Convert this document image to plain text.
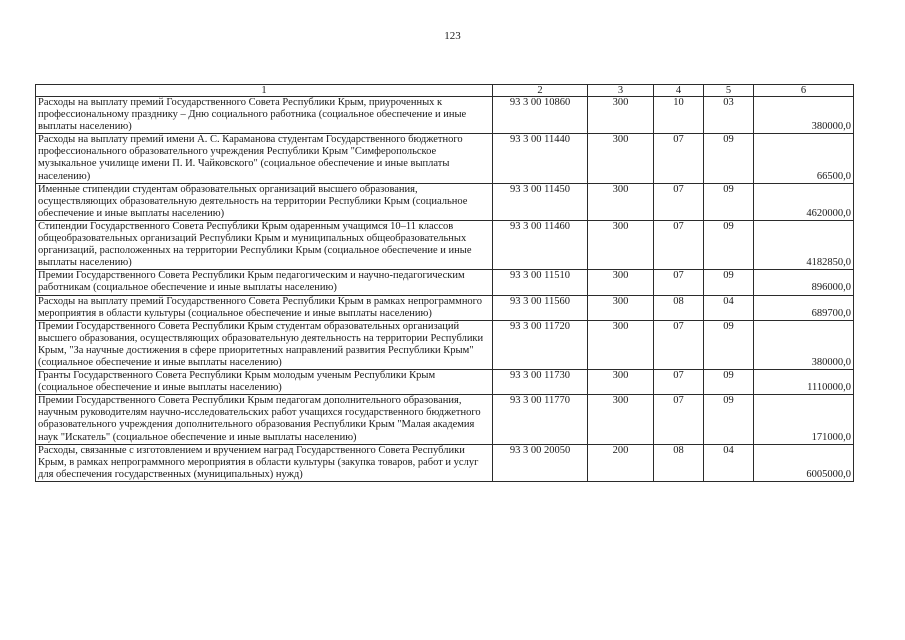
123
1	2	3	4	5	6
Расходы на выплату премий Государственного Совета Республики Крым, приуроченных к профессиональному празднику – Дню социального работника (социальное обеспечение и иные выплаты населению)	93 3 00 10860	300	10	03	380000,0
Расходы на выплату премий имени А. С. Карамaнова студентам Государственного бюджетного профессионального образовательного учреждения Республики Крым "Симферопольское музыкальное училище имени П. И. Чайковского" (социальное обеспечение и иные выплаты населению)	93 3 00 11440	300	07	09	66500,0
Именные стипендии студентам образовательных организаций высшего образования, осуществляющих образовательную деятельность на территории Республики Крым (социальное обеспечение и иные выплаты населению)	93 3 00 11450	300	07	09	4620000,0
Стипендии Государственного Совета Республики Крым одаренным учащимся 10–11 классов общеобразовательных организаций Республики Крым и муниципальных общеобразовательных организаций, расположенных на территории Республики Крым (социальное обеспечение и иные выплаты населению)	93 3 00 11460	300	07	09	4182850,0
Премии Государственного Совета Республики Крым педагогическим и научно-педагогическим работникам (социальное обеспечение и иные выплаты населению)	93 3 00 11510	300	07	09	896000,0
Расходы на выплату премий Государственного Совета Республики Крым в рамках непрограммного мероприятия в области культуры (социальное обеспечение и иные выплаты населению)	93 3 00 11560	300	08	04	689700,0
Премии Государственного Совета Республики Крым студентам образовательных организаций высшего образования, осуществляющих образовательную деятельность на территории Республики Крым, "За научные достижения в сфере приоритетных направлений развития Республики Крым" (социальное обеспечение и иные выплаты населению)	93 3 00 11720	300	07	09	380000,0
Гранты Государственного Совета Республики Крым молодым ученым Республики Крым (социальное обеспечение и иные выплаты населению)	93 3 00 11730	300	07	09	1110000,0
Премии Государственного Совета Республики Крым педагогам дополнительного образования, научным руководителям научно-исследовательских работ учащихся государственного бюджетного образовательного учреждения дополнительного образования Республики Крым "Малая академия наук "Искатель" (социальное обеспечение и иные выплаты населению)	93 3 00 11770	300	07	09	171000,0
Расходы, связанные с изготовлением и вручением наград Государственного Совета Республики Крым, в рамках непрограммного мероприятия в области культуры (закупка товаров, работ и услуг для обеспечения государственных (муниципальных) нужд)	93 3 00 20050	200	08	04	6005000,0
